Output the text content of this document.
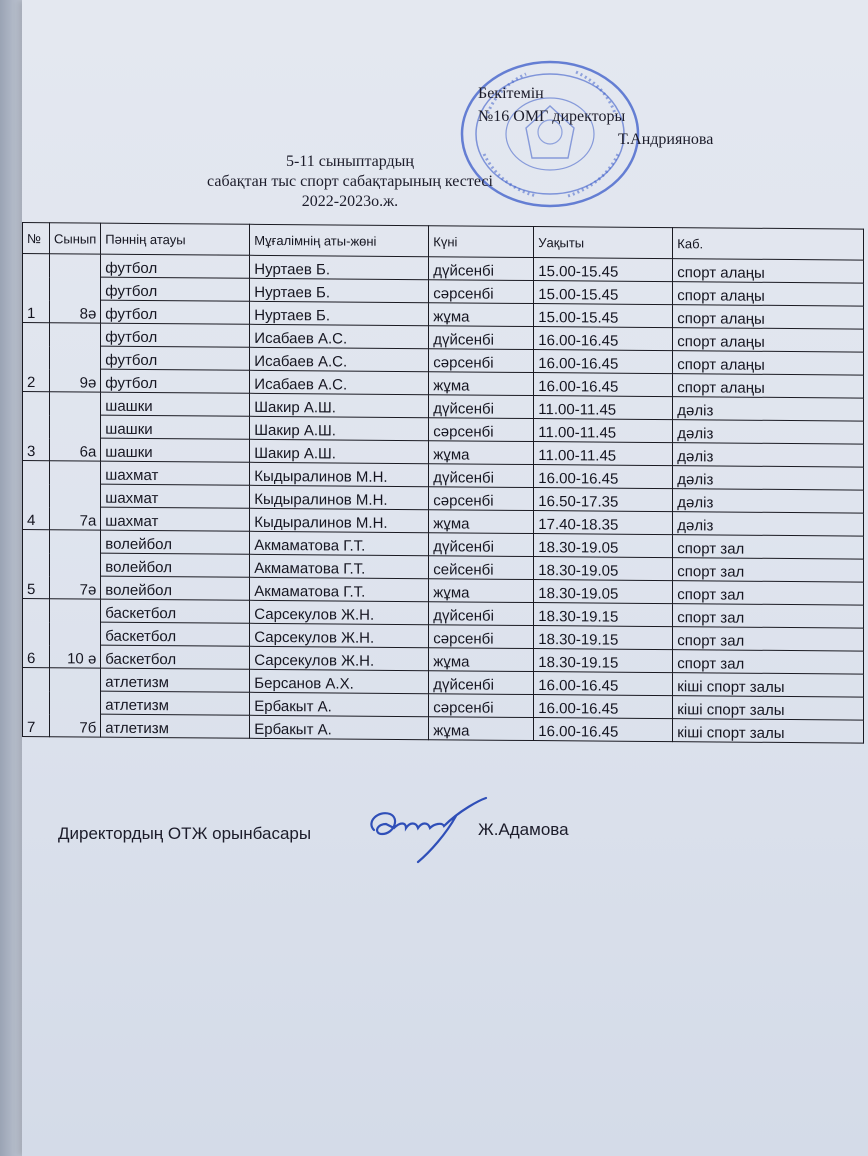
Бекітемін
№16 ОМГ директоры
Т.Андриянова
5-11 сыныптардың
сабақтан тыс спорт сабақтарының кестесі
2022-2023о.ж.
№	Сынып	Пәннің атауы	Мұғалімнің аты-жөні	Күні	Уақыты	Каб.
1	8ә	футбол	Нуртаев Б.	дүйсенбі	15.00-15.45	спорт алаңы
		футбол	Нуртаев Б.	сәрсенбі	15.00-15.45	спорт алаңы
		футбол	Нуртаев Б.	жұма	15.00-15.45	спорт алаңы
2	9ә	футбол	Исабаев А.С.	дүйсенбі	16.00-16.45	спорт алаңы
		футбол	Исабаев А.С.	сәрсенбі	16.00-16.45	спорт алаңы
		футбол	Исабаев А.С.	жұма	16.00-16.45	спорт алаңы
3	6а	шашки	Шакир А.Ш.	дүйсенбі	11.00-11.45	дәліз
		шашки	Шакир А.Ш.	сәрсенбі	11.00-11.45	дәліз
		шашки	Шакир А.Ш.	жұма	11.00-11.45	дәліз
4	7а	шахмат	Кыдыралинов М.Н.	дүйсенбі	16.00-16.45	дәліз
		шахмат	Кыдыралинов М.Н.	сәрсенбі	16.50-17.35	дәліз
		шахмат	Кыдыралинов М.Н.	жұма	17.40-18.35	дәліз
5	7ә	волейбол	Акмаматова Г.Т.	дүйсенбі	18.30-19.05	спорт зал
		волейбол	Акмаматова Г.Т.	сейсенбі	18.30-19.05	спорт зал
		волейбол	Акмаматова Г.Т.	жұма	18.30-19.05	спорт зал
6	10 ә	баскетбол	Сарсекулов Ж.Н.	дүйсенбі	18.30-19.15	спорт зал
		баскетбол	Сарсекулов Ж.Н.	сәрсенбі	18.30-19.15	спорт зал
		баскетбол	Сарсекулов Ж.Н.	жұма	18.30-19.15	спорт зал
7	7б	атлетизм	Берсанов А.Х.	дүйсенбі	16.00-16.45	кіші спорт залы
		атлетизм	Ербакыт А.	сәрсенбі	16.00-16.45	кіші спорт залы
		атлетизм	Ербакыт А.	жұма	16.00-16.45	кіші спорт залы
Директордың ОТЖ орынбасары	Ж.Адамова
